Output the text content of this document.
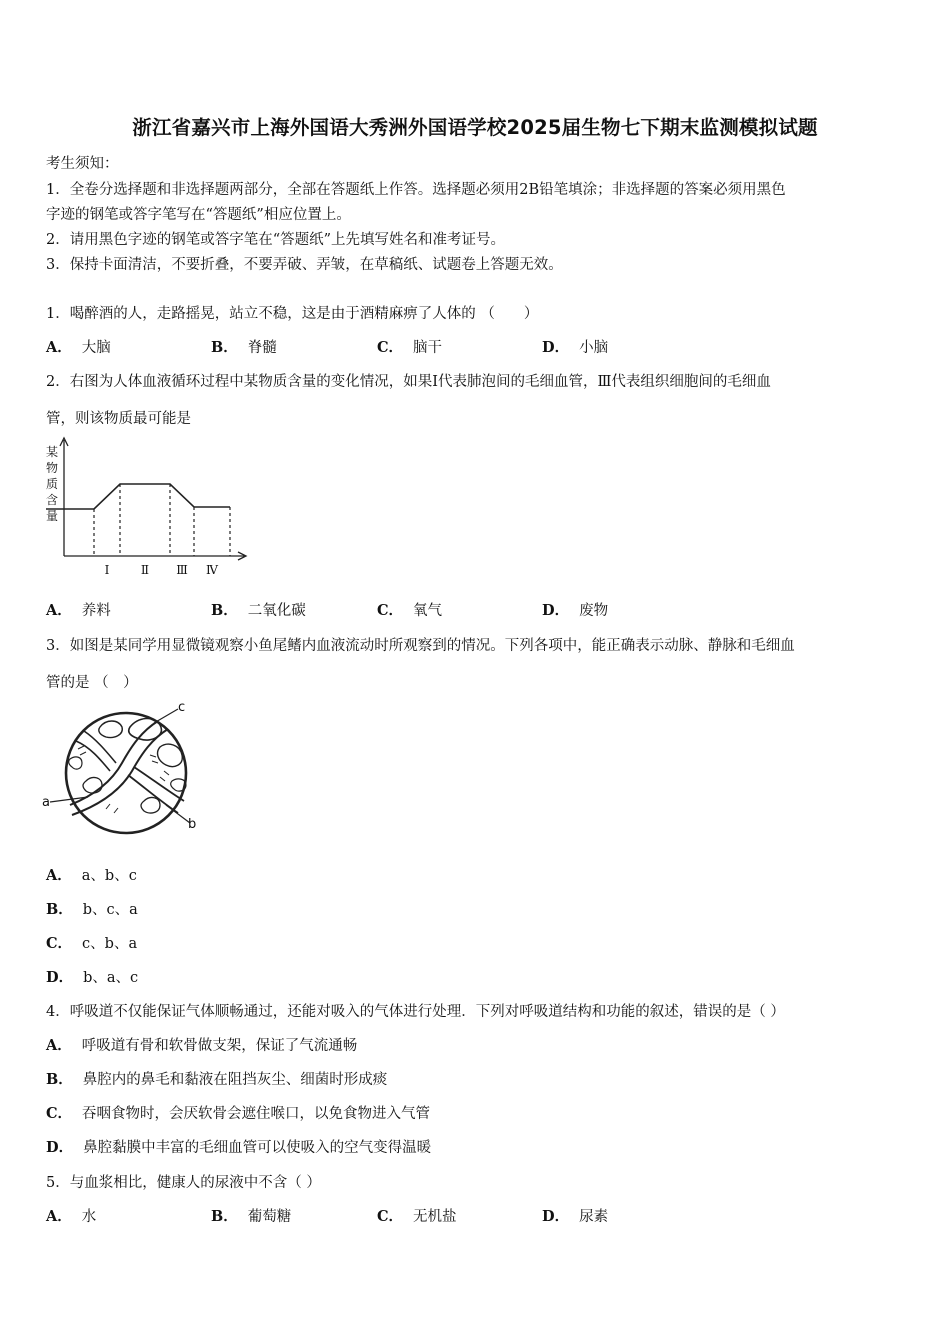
浙江省嘉兴市上海外国语大秀洲外国语学校2025届生物七下期末监测模拟试题
考生须知：
1．全卷分选择题和非选择题两部分，全部在答题纸上作答。选择题必须用2B铅笔填涂；非选择题的答案必须用黑色
字迹的钢笔或答字笔写在“答题纸”相应位置上。
2．请用黑色字迹的钢笔或答字笔在“答题纸”上先填写姓名和准考证号。
3．保持卡面清洁，不要折叠，不要弄破、弄皱，在草稿纸、试题卷上答题无效。
1．喝醉酒的人，走路摇晃，站立不稳，这是由于酒精麻痹了人体的 （　　）
A． 大脑	B． 脊髓	C． 脑干	D． 小脑
2．右图为人体血液循环过程中某物质含量的变化情况，如果Ⅰ代表肺泡间的毛细血管，Ⅲ代表组织细胞间的毛细血
管，则该物质最可能是
某
物
质
含
量
Ⅰ	Ⅱ Ⅲ Ⅳ
A． 养料	B． 二氧化碳	C． 氧气	D． 废物
3．如图是某同学用显微镜观察小鱼尾鳍内血液流动时所观察到的情况。下列各项中，能正确表示动脉、静脉和毛细血
管的是 （　）
a
b
c
A． a、b、c
B． b、c、a
C． c、b、a
D． b、a、c
4．呼吸道不仅能保证气体顺畅通过，还能对吸入的气体进行处理．下列对呼吸道结构和功能的叙述，错误的是（ ）
A． 呼吸道有骨和软骨做支架，保证了气流通畅
B． 鼻腔内的鼻毛和黏液在阻挡灰尘、细菌时形成痰
C． 吞咽食物时，会厌软骨会遮住喉口，以免食物进入气管
D． 鼻腔黏膜中丰富的毛细血管可以使吸入的空气变得温暖
5．与血浆相比，健康人的尿液中不含（ ）
A． 水	B． 葡萄糖	C． 无机盐	D． 尿素
